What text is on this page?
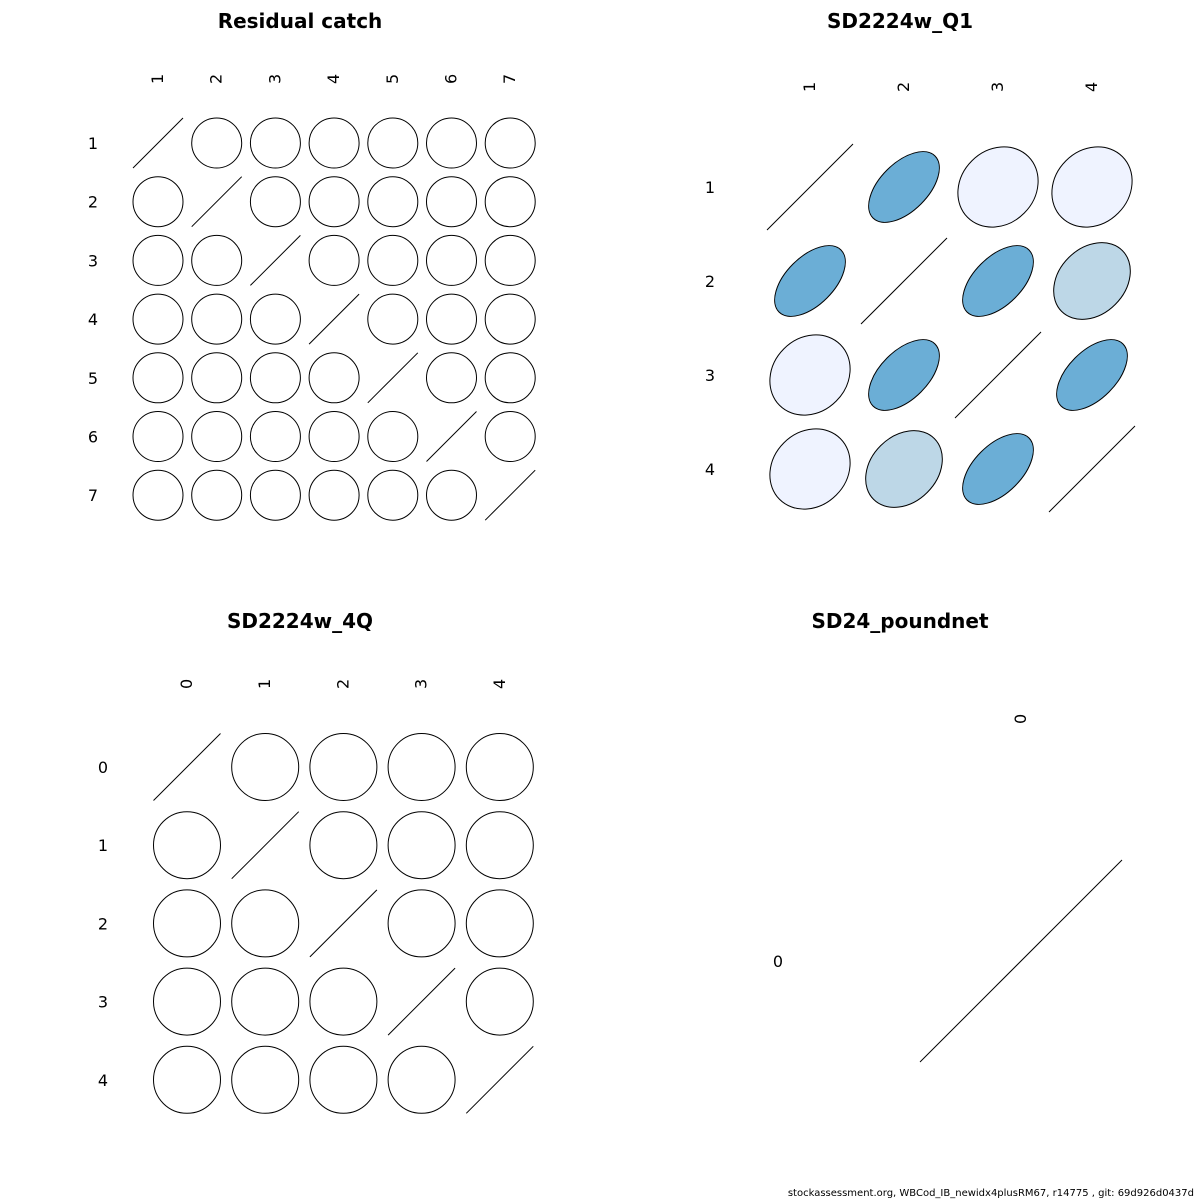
Residual catch
1
1
2
2
3
3
4
4
5
5
6
6
7
7
SD2224w_Q1
1
1
2
2
3
3
4
4
SD2224w_4Q
0
0
1
1
2
2
3
3
4
4
SD24_poundnet
0
0
stockassessment.org, WBCod_IB_newidx4plusRM67, r14775 , git: 69d926d0437d
